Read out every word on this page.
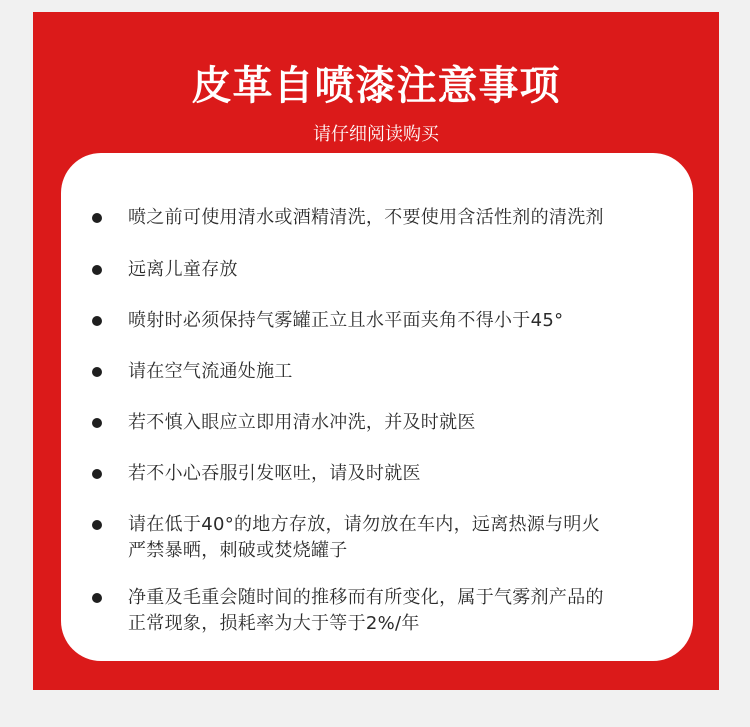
皮革自喷漆注意事项
请仔细阅读购买
喷之前可使用清水或酒精清洗，不要使用含活性剂的清洗剂
远离儿童存放
喷射时必须保持气雾罐正立且水平面夹角不得小于45°
请在空气流通处施工
若不慎入眼应立即用清水冲洗，并及时就医
若不小心吞服引发呕吐，请及时就医
请在低于40°的地方存放，请勿放在车内，远离热源与明火
严禁暴晒，刺破或焚烧罐子
净重及毛重会随时间的推移而有所变化，属于气雾剂产品的
正常现象，损耗率为大于等于2%/年
